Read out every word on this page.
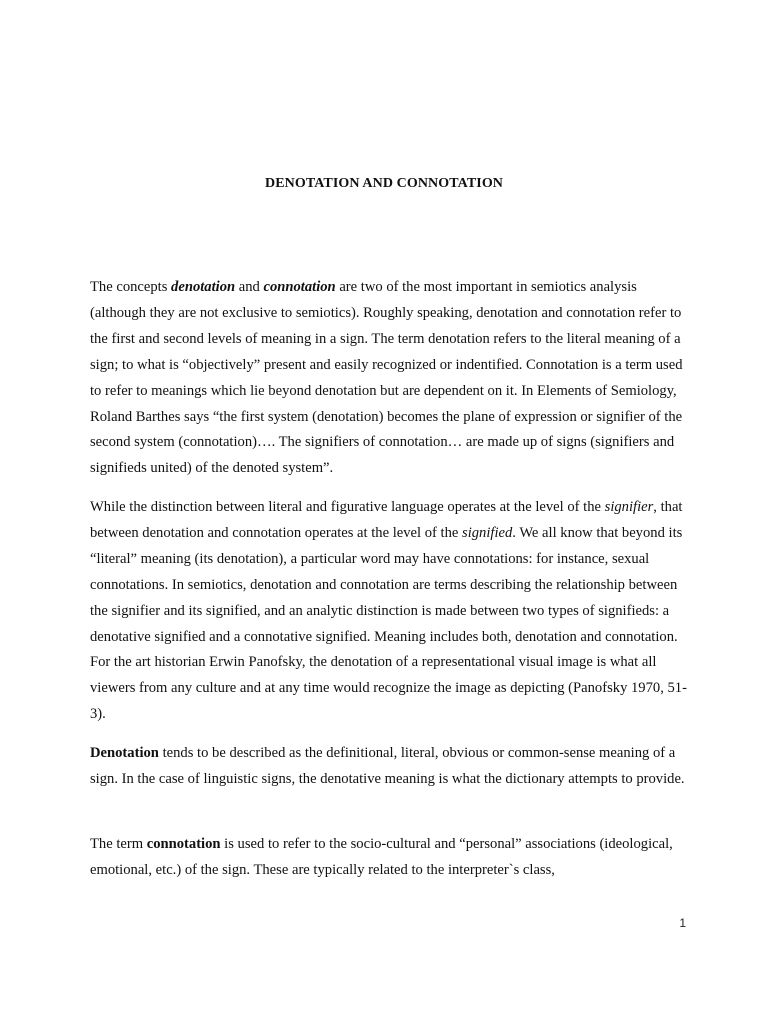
DENOTATION AND CONNOTATION

The concepts denotation and connotation are two of the most important in semiotics analysis (although they are not exclusive to semiotics). Roughly speaking, denotation and connotation refer to the first and second levels of meaning in a sign. The term denotation refers to the literal meaning of a sign; to what is “objectively” present and easily recognized or indentified. Connotation is a term used to refer to meanings which lie beyond denotation but are dependent on it. In Elements of Semiology, Roland Barthes says “the first system (denotation) becomes the plane of expression or signifier of the second system (connotation)…. The signifiers of connotation… are made up of signs (signifiers and signifieds united) of the denoted system”.

While the distinction between literal and figurative language operates at the level of the signifier, that between denotation and connotation operates at the level of the signified. We all know that beyond its “literal” meaning (its denotation), a particular word may have connotations: for instance, sexual connotations. In semiotics, denotation and connotation are terms describing the relationship between the signifier and its signified, and an analytic distinction is made between two types of signifieds: a denotative signified and a connotative signified. Meaning includes both, denotation and connotation. For the art historian Erwin Panofsky, the denotation of a representational visual image is what all viewers from any culture and at any time would recognize the image as depicting (Panofsky 1970, 51-3).

Denotation tends to be described as the definitional, literal, obvious or common-sense meaning of a sign. In the case of linguistic signs, the denotative meaning is what the dictionary attempts to provide.

The term connotation is used to refer to the socio-cultural and “personal” associations (ideological, emotional, etc.) of the sign. These are typically related to the interpreter`s class,

1
